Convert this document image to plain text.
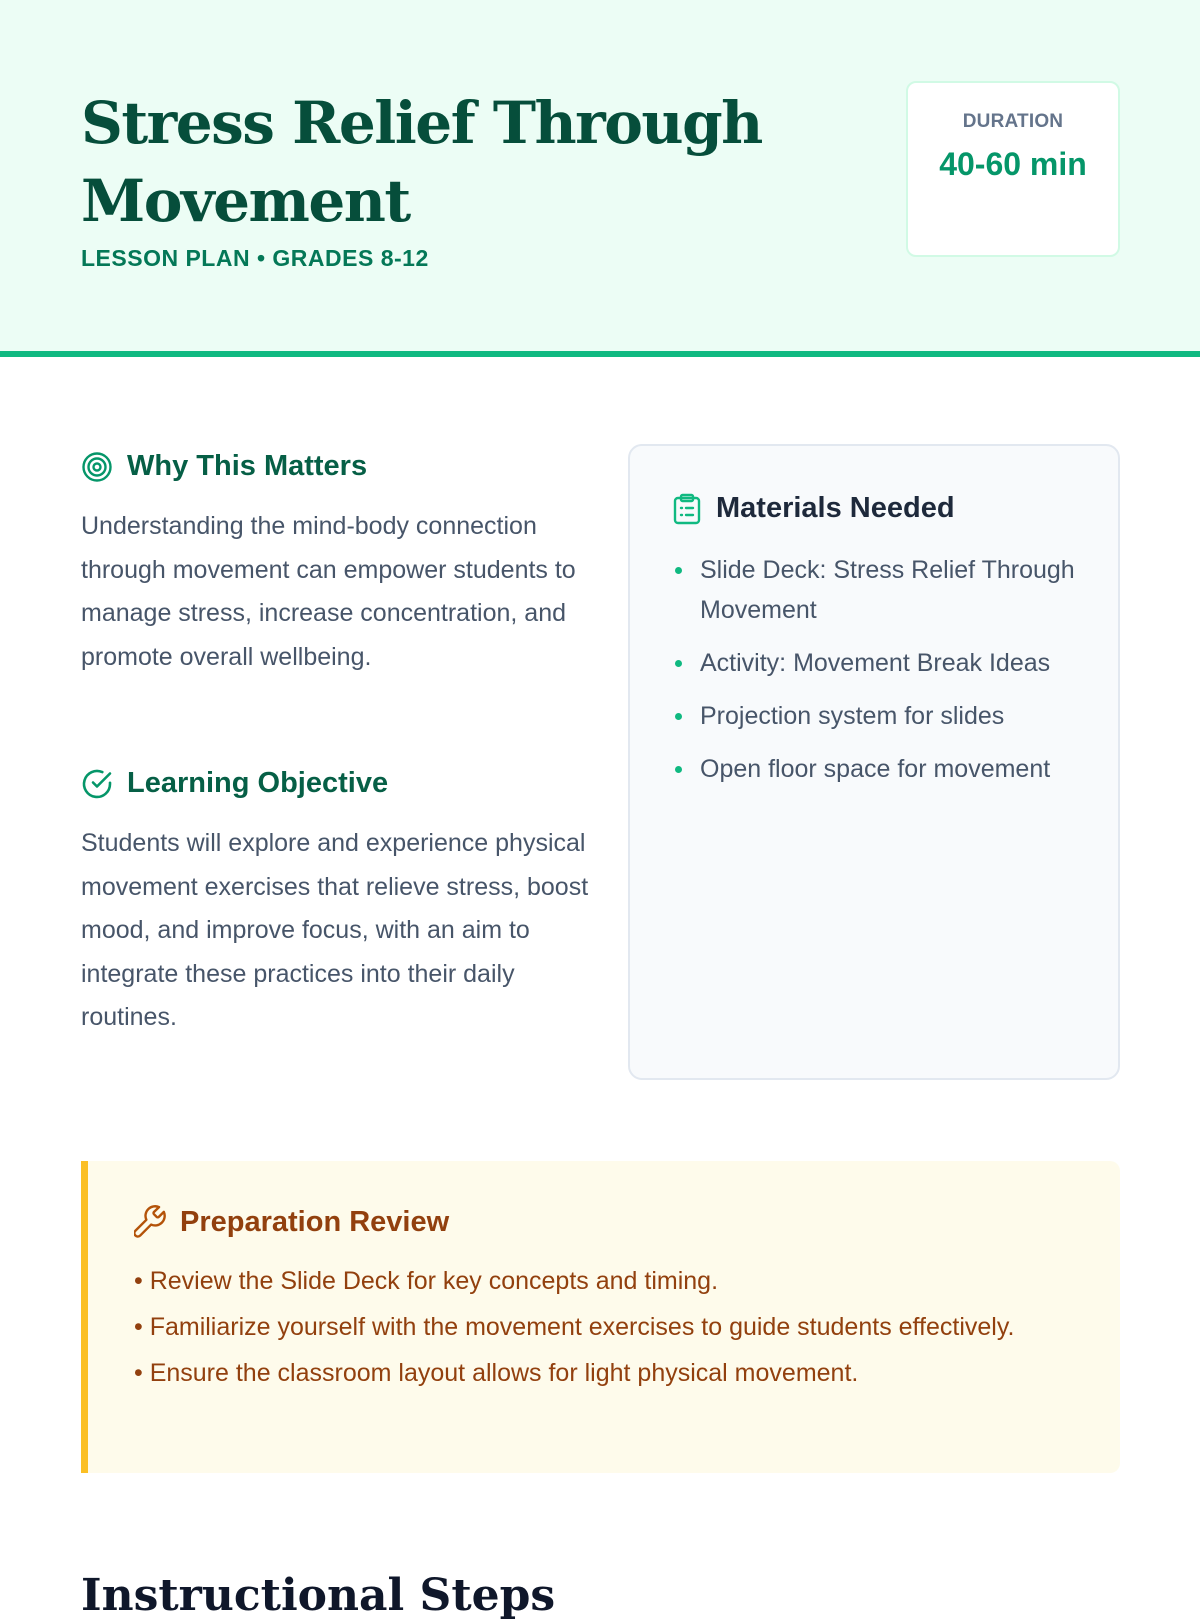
Stress Relief Through Movement
LESSON PLAN • GRADES 8-12
DURATION
40-60 min
Why This Matters

Understanding the mind-body connection through movement can empower students to manage stress, increase concentration, and promote overall wellbeing.

Learning Objective

Students will explore and experience physical movement exercises that relieve stress, boost mood, and improve focus, with an aim to integrate these practices into their daily routines.

Materials Needed
Slide Deck: Stress Relief Through Movement
Activity: Movement Break Ideas
Projection system for slides
Open floor space for movement
Preparation Review
• Review the Slide Deck for key concepts and timing.
• Familiarize yourself with the movement exercises to guide students effectively.
• Ensure the classroom layout allows for light physical movement.
Instructional Steps
